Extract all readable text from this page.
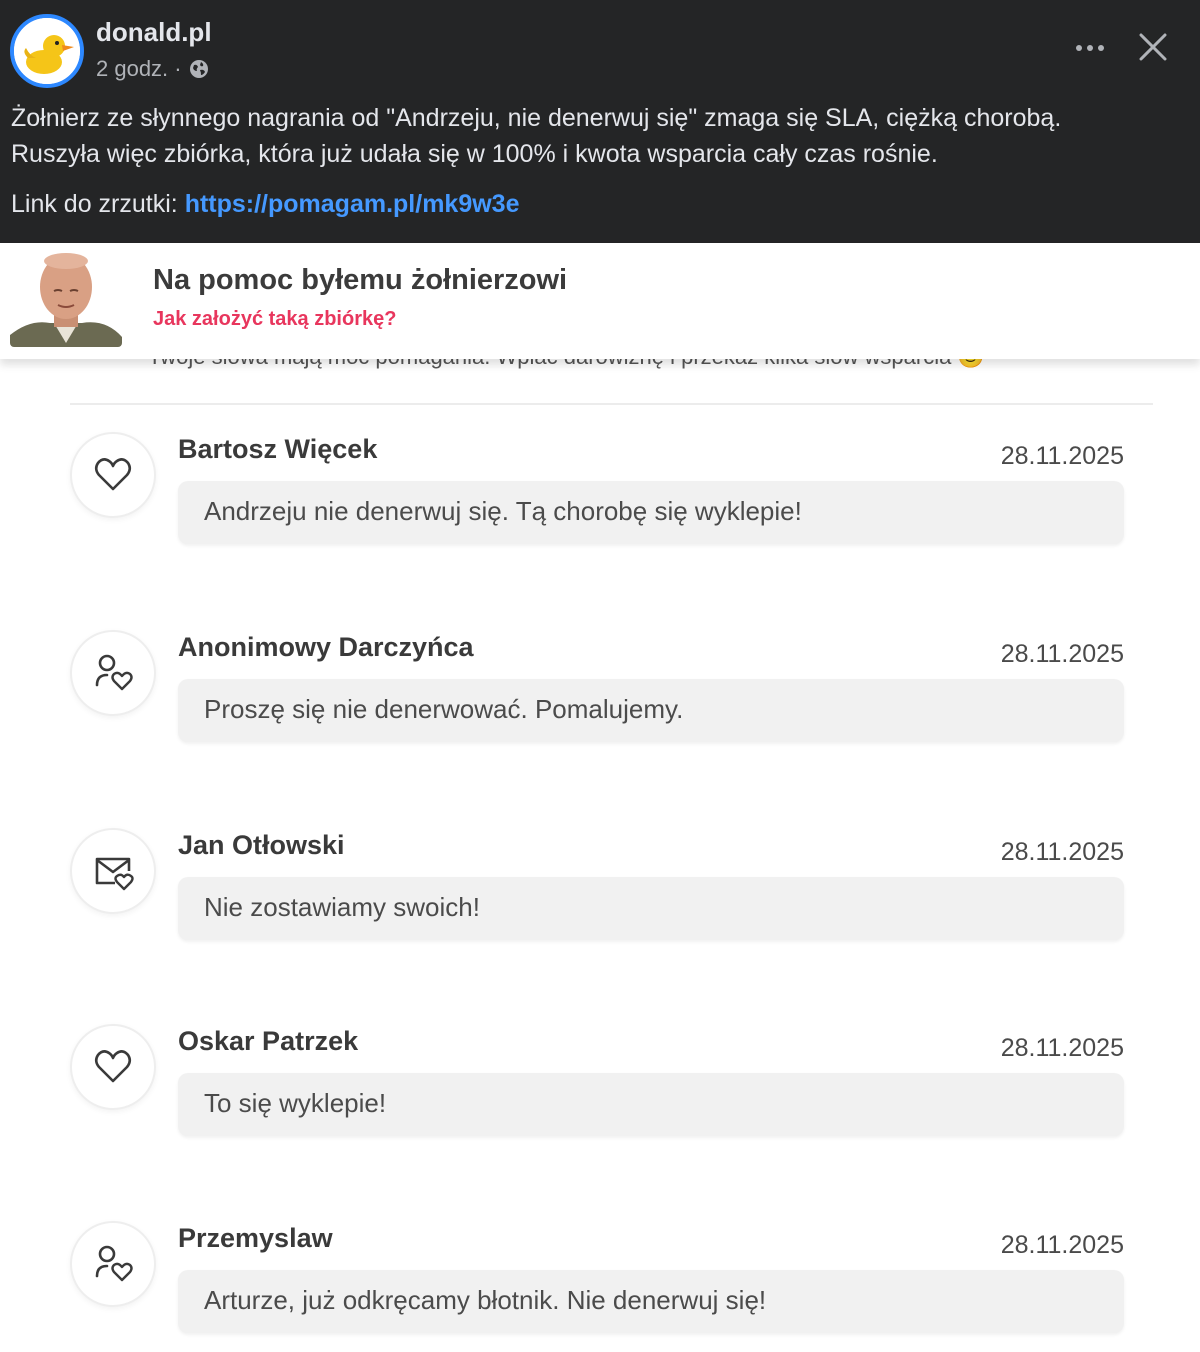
donald.pl
2 godz. ·
Żołnierz ze słynnego nagrania od "Andrzeju, nie denerwuj się" zmaga się SLA, ciężką chorobą.
Ruszyła więc zbiórka, która już udała się w 100% i kwota wsparcia cały czas rośnie.
Link do zrzutki: https://pomagam.pl/mk9w3e
Na pomoc byłemu żołnierzowi
Jak założyć taką zbiórkę?
Bartosz Więcek	28.11.2025
Andrzeju nie denerwuj się. Tą chorobę się wyklepie!
Anonimowy Darczyńca	28.11.2025
Proszę się nie denerwować. Pomalujemy.
Jan Otłowski	28.11.2025
Nie zostawiamy swoich!
Oskar Patrzek	28.11.2025
To się wyklepie!
Przemyslaw	28.11.2025
Arturze, już odkręcamy błotnik. Nie denerwuj się!
